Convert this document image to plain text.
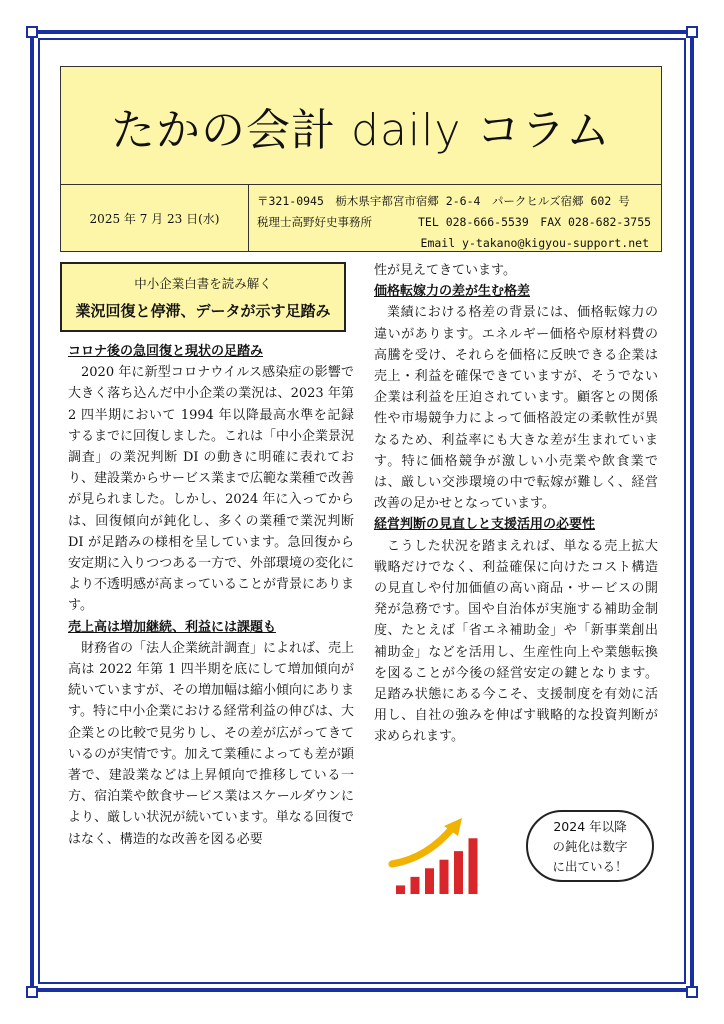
たかの会計 daily コラム
2025 年 7 月 23 日(水)
〒321-0945　栃木県宇都宮市宿郷 2-6-4　パークヒルズ宿郷 602 号
税理士高野好史事務所　　　　TEL 028-666-5539　FAX 028-682-3755
Email y-takano@kigyou-support.net
中小企業白書を読み解く
業況回復と停滞、データが示す足踏み
コロナ後の急回復と現状の足踏み

2020 年に新型コロナウイルス感染症の影響で大きく落ち込んだ中小企業の業況は、2023 年第 2 四半期において 1994 年以降最高水準を記録するまでに回復しました。これは「中小企業景況調査」の業況判断 DI の動きに明確に表れており、建設業からサービス業まで広範な業種で改善が見られました。しかし、2024 年に入ってからは、回復傾向が鈍化し、多くの業種で業況判断 DI が足踏みの様相を呈しています。急回復から安定期に入りつつある一方で、外部環境の変化により不透明感が高まっていることが背景にあります。

売上高は増加継続、利益には課題も

財務省の「法人企業統計調査」によれば、売上高は 2022 年第 1 四半期を底にして増加傾向が続いていますが、その増加幅は縮小傾向にあります。特に中小企業における経常利益の伸びは、大企業との比較で見劣りし、その差が広がってきているのが実情です。加えて業種によっても差が顕著で、建設業などは上昇傾向で推移している一方、宿泊業や飲食サービス業はスケールダウンにより、厳しい状況が続いています。単なる回復ではなく、構造的な改善を図る必要

性が見えてきています。

価格転嫁力の差が生む格差

業績における格差の背景には、価格転嫁力の違いがあります。エネルギー価格や原材料費の高騰を受け、それらを価格に反映できる企業は売上・利益を確保できていますが、そうでない企業は利益を圧迫されています。顧客との関係性や市場競争力によって価格設定の柔軟性が異なるため、利益率にも大きな差が生まれています。特に価格競争が激しい小売業や飲食業では、厳しい交渉環境の中で転嫁が難しく、経営改善の足かせとなっています。

経営判断の見直しと支援活用の必要性

こうした状況を踏まえれば、単なる売上拡大戦略だけでなく、利益確保に向けたコスト構造の見直しや付加価値の高い商品・サービスの開発が急務です。国や自治体が実施する補助金制度、たとえば「省エネ補助金」や「新事業創出補助金」などを活用し、生産性向上や業態転換を図ることが今後の経営安定の鍵となります。足踏み状態にある今こそ、支援制度を有効に活用し、自社の強みを伸ばす戦略的な投資判断が求められます。

2024 年以降
の鈍化は数字
に出ている！
